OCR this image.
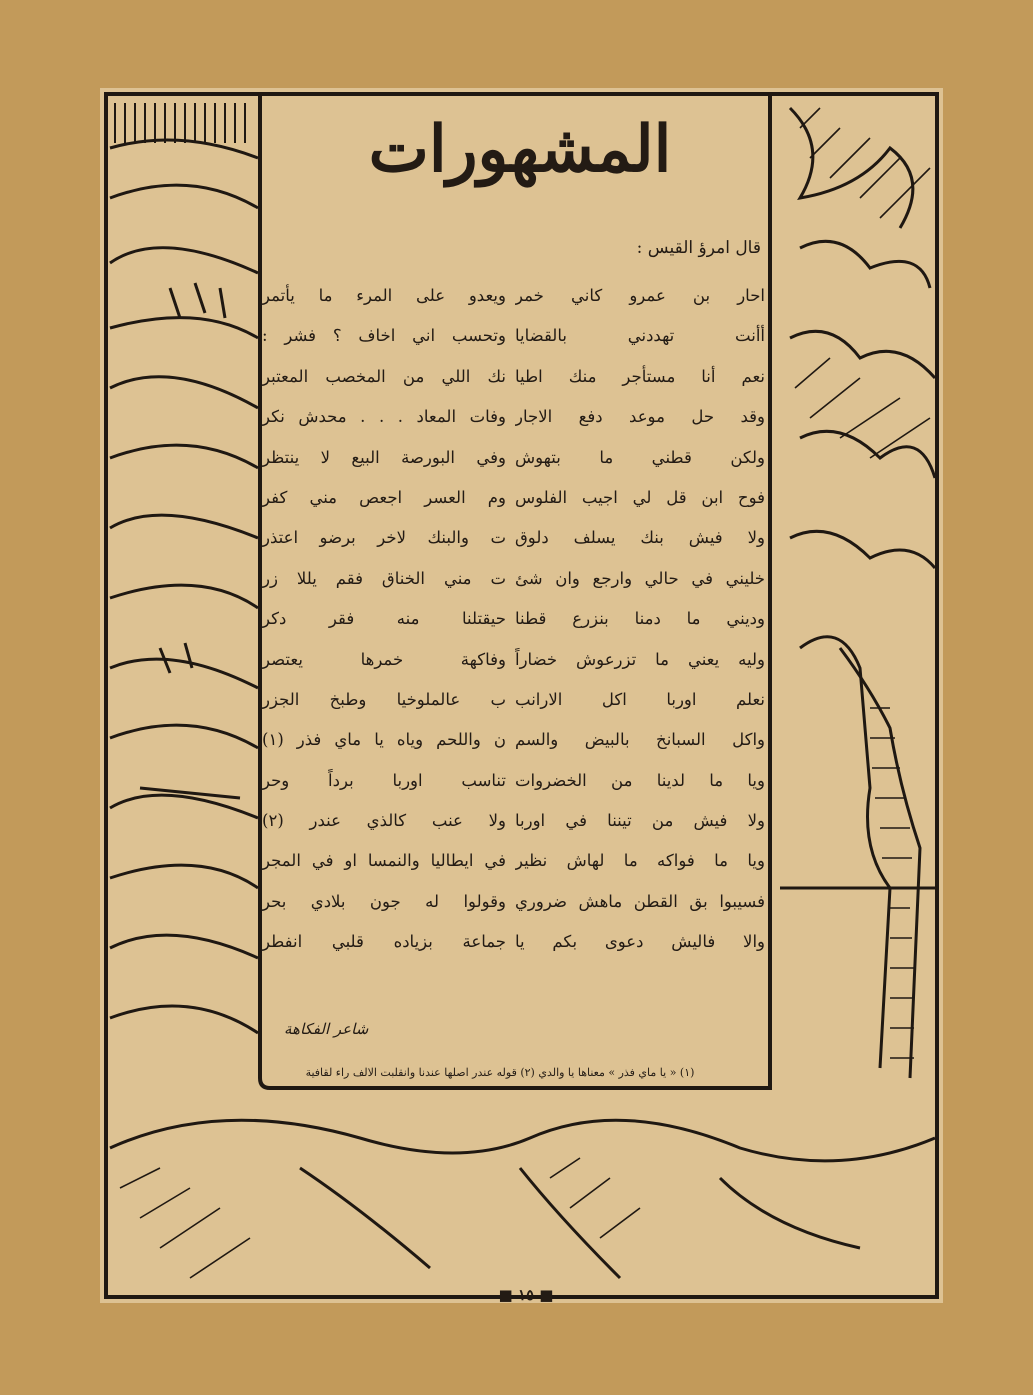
المشهورات
قال امرؤ القيس :
احار بن عمرو كاني خمر
أأنت تهددني بالقضايا
نعم أنا مستأجر منك اطيا
وقد حل موعد دفع الاجار
ولكن قطني ما بتهوش
فوح ابن قل لي اجيب الفلوس
ولا فيش بنك يسلف دلوق
خليني في حالي وارجع وان شئ
وديني ما دمنا بنزرع قطنا
وليه يعني ما تزرعوش خضاراً
نعلم اوربا اكل الارانب
واكل السبانخ بالبيض والسم
ويا ما لدينا من الخضروات
ولا فيش من تيننا في اوربا
ويا ما فواكه ما لهاش نظير
فسيبوا بق القطن ماهش ضروري
والا فاليش دعوى بكم يا
ويعدو على المرء ما يأتمر
وتحسب اني اخاف ؟ فشر :
نك اللي من المخصب المعتبر
وفات المعاد . . . محدش نكر
وفي البورصة البيع لا ينتظر
وم العسر اجعص مني كفر
ت والبنك لاخر برضو اعتذر
ت مني الخناق فقم يللا زر
حيقتلنا منه فقر دكر
وفاكهة خمرها يعتصر
ب عالملوخيا وطبخ الجزر
ن واللحم وياه يا ماي فذر (١)
تناسب اوربا برداً وحر
ولا عنب كالذي عندر (٢)
في ايطاليا والنمسا او في المجر
وقولوا له جون بلادي بحر
جماعة بزياده قلبي انفطر
شاعر الفكاهة
(١) « يا ماي فذر » معناها يا والدي (٢) قوله عندر اصلها عندنا وانقلبت الالف راء لقافية
■ ١٥ ■
